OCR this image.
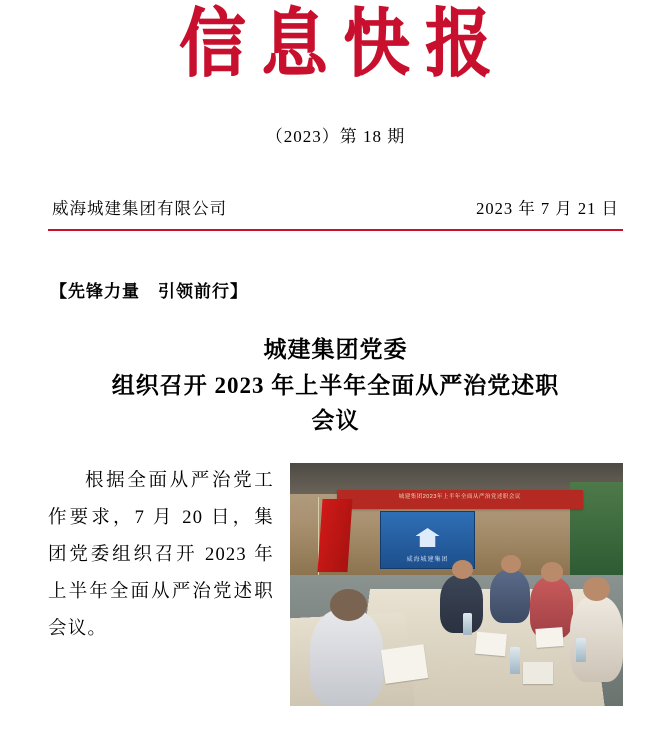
信息快报
（2023）第 18 期
威海城建集团有限公司	2023 年 7 月 21 日
【先锋力量　引领前行】
城建集团党委
组织召开 2023 年上半年全面从严治党述职
会议

根据全面从严治党工作要求，7 月 20 日，集团党委组织召开 2023 年上半年全面从严治党述职会议。

城建集团2023年上半年全面从严治党述职会议
威海城建集团
